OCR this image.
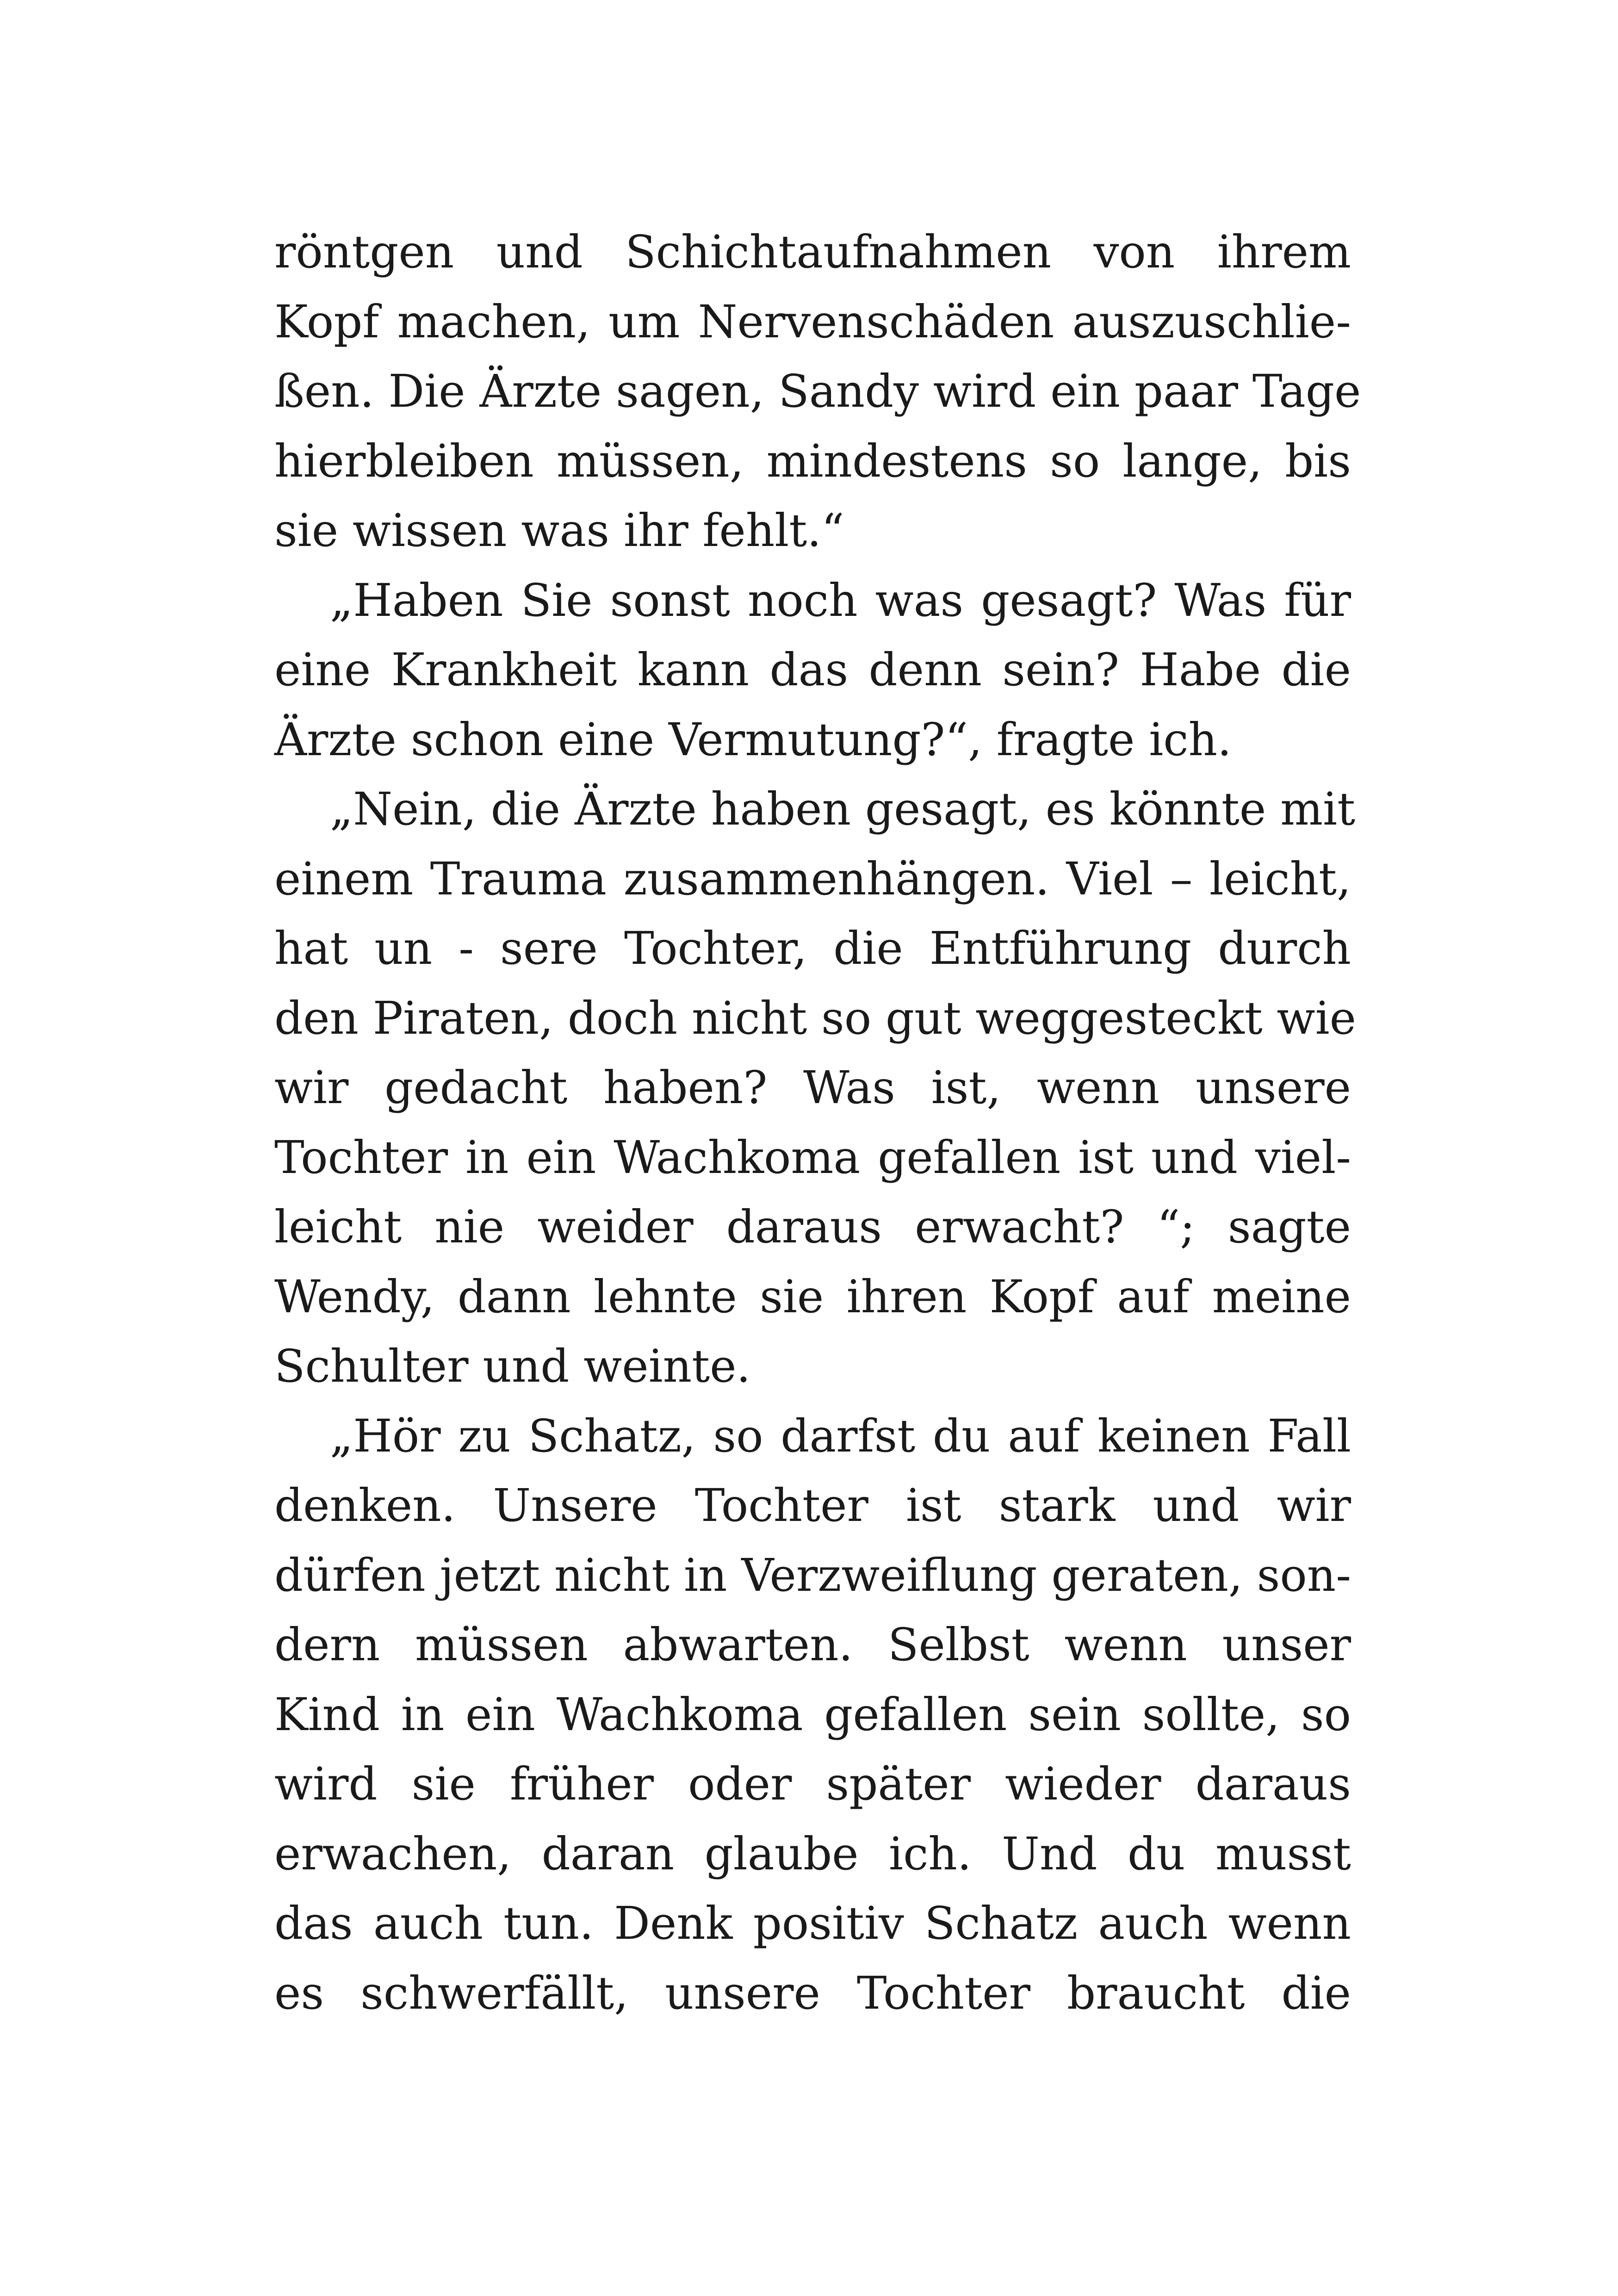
röntgen und Schichtaufnahmen von ihrem
Kopf machen, um Nervenschäden auszuschlie-
ßen. Die Ärzte sagen, Sandy wird ein paar Tage
hierbleiben müssen, mindestens so lange, bis
sie wissen was ihr fehlt.“
„Haben Sie sonst noch was gesagt? Was für
eine Krankheit kann das denn sein? Habe die
Ärzte schon eine Vermutung?“, fragte ich.
„Nein, die Ärzte haben gesagt, es könnte mit
einem Trauma zusammenhängen. Viel – leicht,
hat un - sere Tochter, die Entführung durch
den Piraten, doch nicht so gut weggesteckt wie
wir gedacht haben? Was ist, wenn unsere
Tochter in ein Wachkoma gefallen ist und viel-
leicht nie weider daraus erwacht? “; sagte
Wendy, dann lehnte sie ihren Kopf auf meine
Schulter und weinte.
„Hör zu Schatz, so darfst du auf keinen Fall
denken. Unsere Tochter ist stark und wir
dürfen jetzt nicht in Verzweiflung geraten, son-
dern müssen abwarten. Selbst wenn unser
Kind in ein Wachkoma gefallen sein sollte, so
wird sie früher oder später wieder daraus
erwachen, daran glaube ich. Und du musst
das auch tun. Denk positiv Schatz auch wenn
es schwerfällt, unsere Tochter braucht die
